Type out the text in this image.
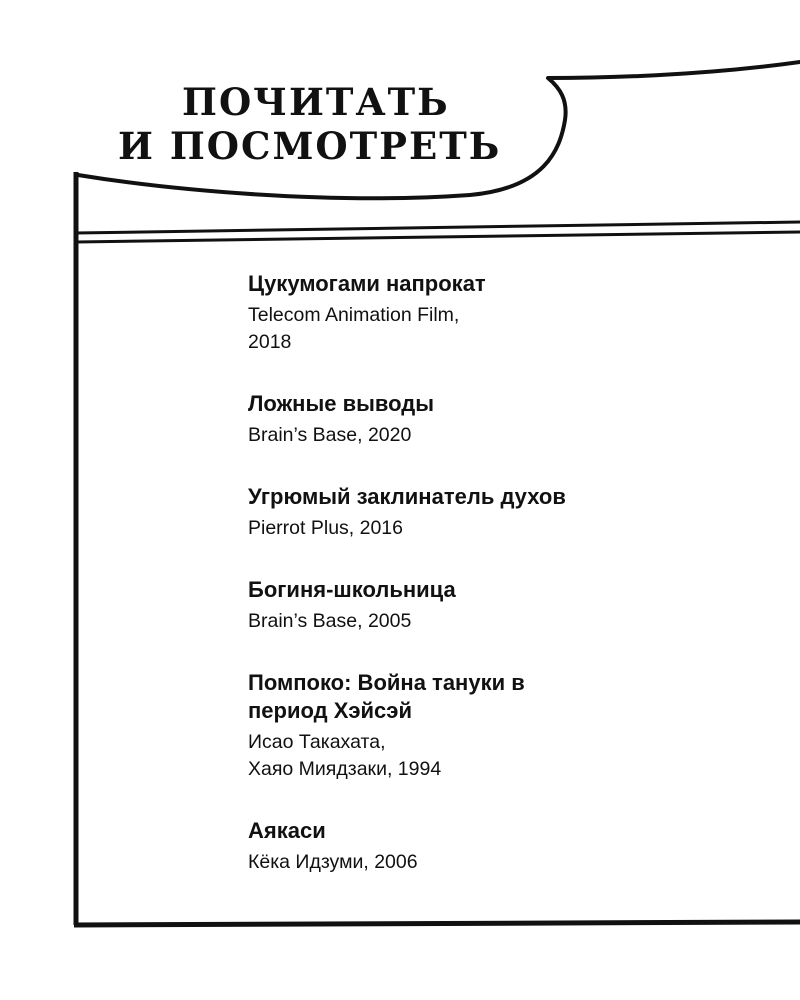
ПОЧИТАТЬ
И ПОСМОТРЕТЬ
Цукумогами напрокат
Telecom Animation Film,
2018
Ложные выводы
Brain’s Base, 2020
Угрюмый заклинатель духов
Pierrot Plus, 2016
Богиня-школьница
Brain’s Base, 2005
Помпоко: Война тануки в период Хэйсэй
Исао Такахата,
Хаяо Миядзаки, 1994
Аякаси
Кёка Идзуми, 2006
